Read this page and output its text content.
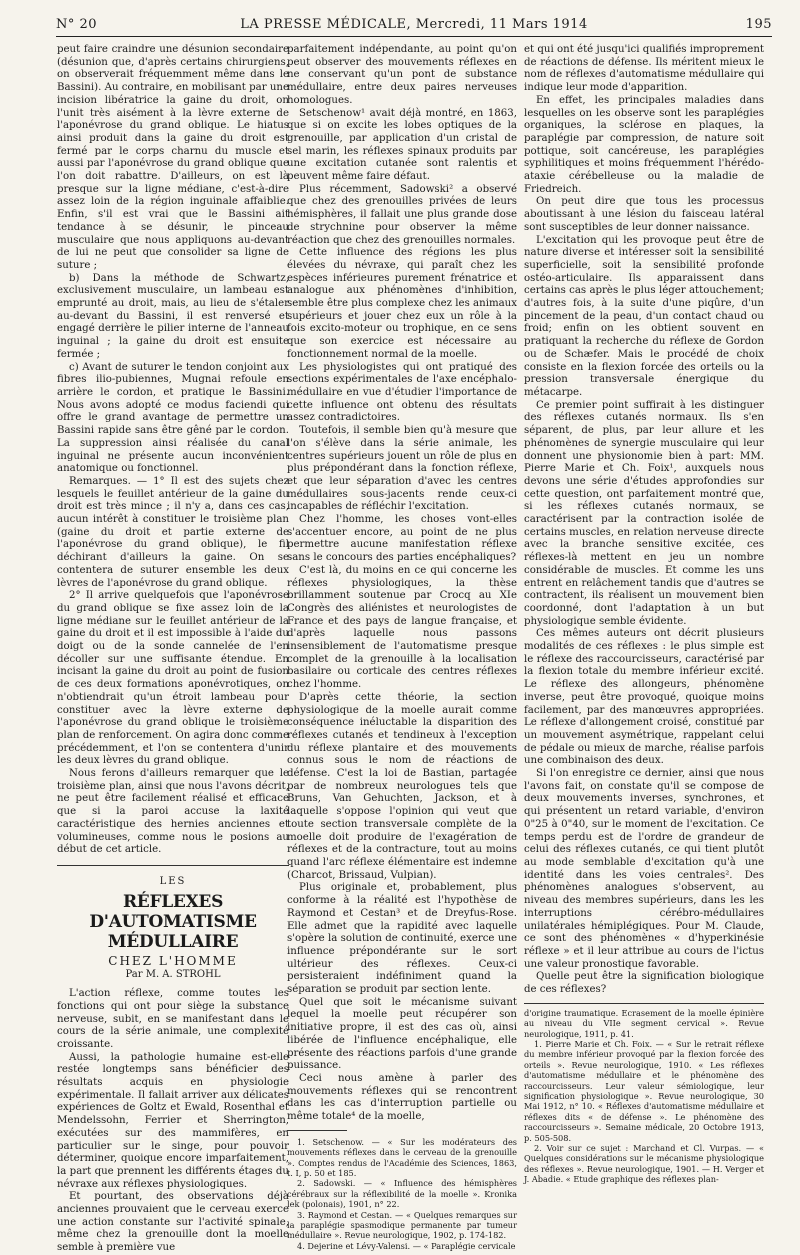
N° 20	LA PRESSE MÉDICALE, Mercredi, 11 Mars 1914	195

peut faire craindre une désunion secondaire (désunion que, d'après certains chirurgiens, on observerait fréquemment même dans le Bassini). Au contraire, en mobilisant par une incision libératrice la gaine du droit, on l'unit très aisément à la lèvre externe de l'aponévrose du grand oblique. Le hiatus ainsi produit dans la gaine du droit est fermé par le corps charnu du muscle et aussi par l'aponévrose du grand oblique que l'on doit rabattre. D'ailleurs, on est là presque sur la ligne médiane, c'est-à-dire assez loin de la région inguinale affaiblie. Enfin, s'il est vrai que le Bassini ait tendance à se désunir, le pinceau musculaire que nous appliquons au-devant de lui ne peut que consolider sa ligne de suture ;

b) Dans la méthode de Schwartz, exclusivement musculaire, un lambeau est emprunté au droit, mais, au lieu de s'étaler au-devant du Bassini, il est renversé et engagé derrière le pilier interne de l'anneau inguinal ; la gaine du droit est ensuite fermée ;

c) Avant de suturer le tendon conjoint aux fibres ilio-pubiennes, Mugnai refoule en arrière le cordon, et pratique le Bassini. Nous avons adopté ce modus faciendi qui offre le grand avantage de permettre un Bassini rapide sans être gêné par le cordon. La suppression ainsi réalisée du canal inguinal ne présente aucun inconvénient anatomique ou fonctionnel.

Remarques. — 1° Il est des sujets chez lesquels le feuillet antérieur de la gaine du droit est très mince ; il n'y a, dans ces cas, aucun intérêt à constituer le troisième plan (gaine du droit et partie externe de l'aponévrose du grand oblique), le fil déchirant d'ailleurs la gaine. On se contentera de suturer ensemble les deux lèvres de l'aponévrose du grand oblique.

2° Il arrive quelquefois que l'aponévrose du grand oblique se fixe assez loin de la ligne médiane sur le feuillet antérieur de la gaine du droit et il est impossible à l'aide du doigt ou de la sonde cannelée de l'en décoller sur une suffisante étendue. En incisant la gaine du droit au point de fusion de ces deux formations aponévrotiques, on n'obtiendrait qu'un étroit lambeau pour constituer avec la lèvre externe de l'aponévrose du grand oblique le troisième plan de renforcement. On agira donc comme précédemment, et l'on se contentera d'unir les deux lèvres du grand oblique.

Nous ferons d'ailleurs remarquer que le troisième plan, ainsi que nous l'avons décrit, ne peut être facilement réalisé et efficace que si la paroi accuse la laxité caractéristique des hernies anciennes et volumineuses, comme nous le posions au début de cet article.

LES
RÉFLEXES D'AUTOMATISME MÉDULLAIRE
CHEZ L'HOMME
Par M. A. STROHL

L'action réflexe, comme toutes les fonctions qui ont pour siège la substance nerveuse, subit, en se manifestant dans le cours de la série animale, une complexité croissante.

Aussi, la pathologie humaine est-elle restée longtemps sans bénéficier des résultats acquis en physiologie expérimentale. Il fallait arriver aux délicates expériences de Goltz et Ewald, Rosenthal et Mendelssohn, Ferrier et Sherrington, exécutées sur des mammifères, en particulier sur le singe, pour pouvoir déterminer, quoique encore imparfaitement, la part que prennent les différents étages du névraxe aux réflexes physiologiques.

Et pourtant, des observations déjà anciennes prouvaient que le cerveau exerce une action constante sur l'activité spinale, même chez la grenouille dont la moelle semble à première vue

parfaitement indépendante, au point qu'on peut observer des mouvements réflexes en ne conservant qu'un pont de substance médullaire, entre deux paires nerveuses homologues.

Setschenow¹ avait déjà montré, en 1863, que si on excite les lobes optiques de la grenouille, par application d'un cristal de sel marin, les réflexes spinaux produits par une excitation cutanée sont ralentis et peuvent même faire défaut.

Plus récemment, Sadowski² a observé que chez des grenouilles privées de leurs hémisphères, il fallait une plus grande dose de strychnine pour observer la même réaction que chez des grenouilles normales.

Cette influence des régions les plus élevées du névraxe, qui paraît chez les espèces inférieures purement frénatrice et analogue aux phénomènes d'inhibition, semble être plus complexe chez les animaux supérieurs et jouer chez eux un rôle à la fois excito-moteur ou trophique, en ce sens que son exercice est nécessaire au fonctionnement normal de la moelle.

Les physiologistes qui ont pratiqué des sections expérimentales de l'axe encéphalo-médullaire en vue d'étudier l'importance de cette influence ont obtenu des résultats assez contradictoires.

Toutefois, il semble bien qu'à mesure que l'on s'élève dans la série animale, les centres supérieurs jouent un rôle de plus en plus prépondérant dans la fonction réflexe, et que leur séparation d'avec les centres médullaires sous-jacents rende ceux-ci incapables de réfléchir l'excitation.

Chez l'homme, les choses vont-elles s'accentuer encore, au point de ne plus permettre aucune manifestation réflexe sans le concours des parties encéphaliques?

C'est là, du moins en ce qui concerne les réflexes physiologiques, la thèse brillamment soutenue par Crocq au XIe Congrès des aliénistes et neurologistes de France et des pays de langue française, et d'après laquelle nous passons insensiblement de l'automatisme presque complet de la grenouille à la localisation basilaire ou corticale des centres réflexes chez l'homme.

D'après cette théorie, la section physiologique de la moelle aurait comme conséquence inéluctable la disparition des réflexes cutanés et tendineux à l'exception du réflexe plantaire et des mouvements connus sous le nom de réactions de défense. C'est la loi de Bastian, partagée par de nombreux neurologues tels que Bruns, Van Gehuchten, Jackson, et à laquelle s'oppose l'opinion qui veut que toute section transversale complète de la moelle doit produire de l'exagération de réflexes et de la contracture, tout au moins quand l'arc réflexe élémentaire est indemne (Charcot, Brissaud, Vulpian).

Plus originale et, probablement, plus conforme à la réalité est l'hypothèse de Raymond et Cestan³ et de Dreyfus-Rose. Elle admet que la rapidité avec laquelle s'opère la solution de continuité, exerce une influence prépondérante sur le sort ultérieur des réflexes. Ceux-ci persisteraient indéfiniment quand la séparation se produit par section lente.

Quel que soit le mécanisme suivant lequel la moelle peut récupérer son initiative propre, il est des cas où, ainsi libérée de l'influence encéphalique, elle présente des réactions parfois d'une grande puissance.

Ceci nous amène à parler des mouvements réflexes qui se rencontrent dans les cas d'interruption partielle ou même totale⁴ de la moelle,

1. Setschenow. — « Sur les modérateurs des mouvements réflexes dans le cerveau de la grenouille ». Comptes rendus de l'Académie des Sciences, 1863, t. I, p. 50 et 185.

2. Sadowski. — « Influence des hémisphères cérébraux sur la réflexibilité de la moelle ». Kronika lek (polonais), 1901, n° 22.

3. Raymond et Cestan. — « Quelques remarques sur la paraplégie spasmodique permanente par tumeur médullaire ». Revue neurologique, 1902, p. 174-182.

4. Dejerine et Lévy-Valensi. — « Paraplégie cervicale

et qui ont été jusqu'ici qualifiés improprement de réactions de défense. Ils méritent mieux le nom de réflexes d'automatisme médullaire qui indique leur mode d'apparition.

En effet, les principales maladies dans lesquelles on les observe sont les paraplégies organiques, la sclérose en plaques, la paraplégie par compression, de nature soit pottique, soit cancéreuse, les paraplégies syphilitiques et moins fréquemment l'hérédo-ataxie cérébelleuse ou la maladie de Friedreich.

On peut dire que tous les processus aboutissant à une lésion du faisceau latéral sont susceptibles de leur donner naissance.

L'excitation qui les provoque peut être de nature diverse et intéresser soit la sensibilité superficielle, soit la sensibilité profonde ostéo-articulaire. Ils apparaissent dans certains cas après le plus léger attouchement; d'autres fois, à la suite d'une piqûre, d'un pincement de la peau, d'un contact chaud ou froid; enfin on les obtient souvent en pratiquant la recherche du réflexe de Gordon ou de Schæfer. Mais le procédé de choix consiste en la flexion forcée des orteils ou la pression transversale énergique du métacarpe.

Ce premier point suffirait à les distinguer des réflexes cutanés normaux. Ils s'en séparent, de plus, par leur allure et les phénomènes de synergie musculaire qui leur donnent une physionomie bien à part: MM. Pierre Marie et Ch. Foix¹, auxquels nous devons une série d'études approfondies sur cette question, ont parfaitement montré que, si les réflexes cutanés normaux, se caractérisent par la contraction isolée de certains muscles, en relation nerveuse directe avec la branche sensitive excitée, ces réflexes-là mettent en jeu un nombre considérable de muscles. Et comme les uns entrent en relâchement tandis que d'autres se contractent, ils réalisent un mouvement bien coordonné, dont l'adaptation à un but physiologique semble évidente.

Ces mêmes auteurs ont décrit plusieurs modalités de ces réflexes : le plus simple est le réflexe des raccourcisseurs, caractérisé par la flexion totale du membre inférieur excité. Le réflexe des allongeurs, phénomène inverse, peut être provoqué, quoique moins facilement, par des manœuvres appropriées. Le réflexe d'allongement croisé, constitué par un mouvement asymétrique, rappelant celui de pédale ou mieux de marche, réalise parfois une combinaison des deux.

Si l'on enregistre ce dernier, ainsi que nous l'avons fait, on constate qu'il se compose de deux mouvements inverses, synchrones, et qui présentent un retard variable, d'environ 0"25 à 0"40, sur le moment de l'excitation. Ce temps perdu est de l'ordre de grandeur de celui des réflexes cutanés, ce qui tient plutôt au mode semblable d'excitation qu'à une identité dans les voies centrales². Des phénomènes analogues s'observent, au niveau des membres supérieurs, dans les les interruptions cérébro-médullaires unilatérales hémiplégiques. Pour M. Claude, ce sont des phénomènes « d'hyperkinésie réflexe » et il leur attribue au cours de l'ictus une valeur pronostique favorable.

Quelle peut être la signification biologique de ces réflexes?

d'origine traumatique. Ecrasement de la moelle épinière au niveau du VIIe segment cervical ». Revue neurologique, 1911, p. 41.

1. Pierre Marie et Ch. Foix. — « Sur le retrait réflexe du membre inférieur provoqué par la flexion forcée des orteils ». Revue neurologique, 1910. « Les réflexes d'automatisme médullaire et le phénomène des raccourcisseurs. Leur valeur sémiologique, leur signification physiologique ». Revue neurologique, 30 Mai 1912, n° 10. « Réflexes d'automatisme médullaire et réflexes dits « de défense ». Le phénomène des raccourcisseurs ». Semaine médicale, 20 Octobre 1913, p. 505-508.

2. Voir sur ce sujet : Marchand et Cl. Vurpas. — « Quelques considérations sur le mécanisme physiologique des réflexes ». Revue neurologique, 1901. — H. Verger et J. Abadie. « Etude graphique des réflexes plan-
